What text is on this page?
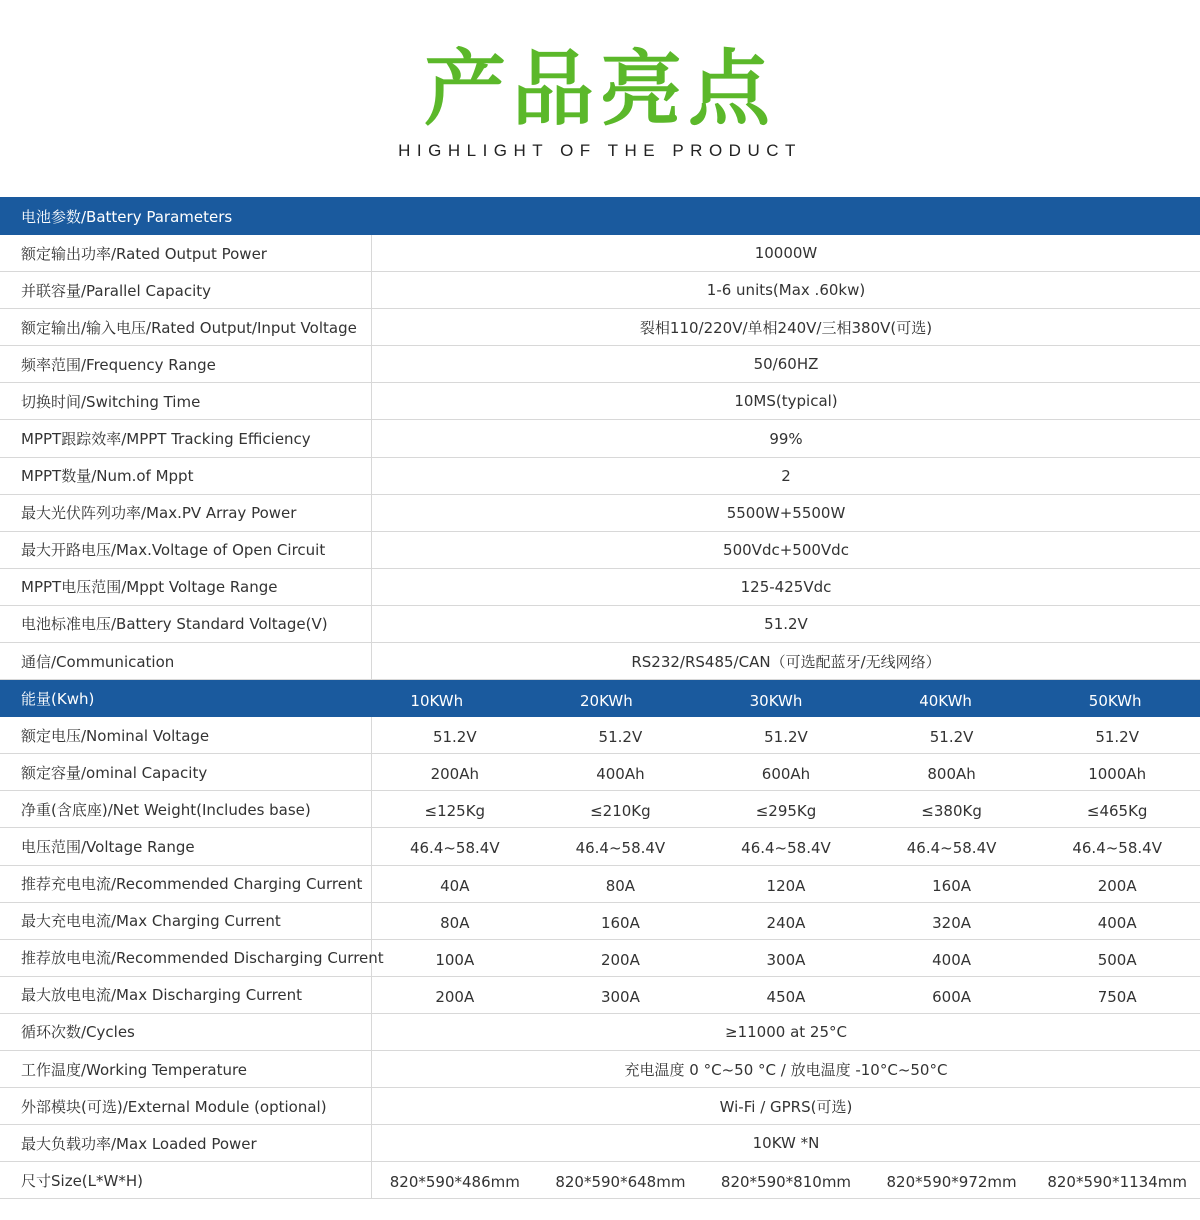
产品亮点
HIGHLIGHT OF THE PRODUCT
电池参数/Battery Parameters
额定输出功率/Rated Output Power	10000W
并联容量/Parallel Capacity	1-6 units(Max .60kw)
额定输出/输入电压/Rated Output/Input Voltage	裂相110/220V/单相240V/三相380V(可选)
频率范围/Frequency Range	50/60HZ
切换时间/Switching Time	10MS(typical)
MPPT跟踪效率/MPPT Tracking Efficiency	99%
MPPT数量/Num.of Mppt	2
最大光伏阵列功率/Max.PV Array Power	5500W+5500W
最大开路电压/Max.Voltage of Open Circuit	500Vdc+500Vdc
MPPT电压范围/Mppt Voltage Range	125-425Vdc
电池标准电压/Battery Standard Voltage(V)	51.2V
通信/Communication	RS232/RS485/CAN（可选配蓝牙/无线网络）
能量(Kwh)	10KWh	20KWh	30KWh	40KWh	50KWh
额定电压/Nominal Voltage	51.2V	51.2V	51.2V	51.2V	51.2V
额定容量/ominal Capacity	200Ah	400Ah	600Ah	800Ah	1000Ah
净重(含底座)/Net Weight(Includes base)	≤125Kg	≤210Kg	≤295Kg	≤380Kg	≤465Kg
电压范围/Voltage Range	46.4~58.4V	46.4~58.4V	46.4~58.4V	46.4~58.4V	46.4~58.4V
推荐充电电流/Recommended Charging Current	40A	80A	120A	160A	200A
最大充电电流/Max Charging Current	80A	160A	240A	320A	400A
推荐放电电流/Recommended Discharging Current	100A	200A	300A	400A	500A
最大放电电流/Max Discharging Current	200A	300A	450A	600A	750A
循环次数/Cycles	≥11000 at 25°C
工作温度/Working Temperature	充电温度 0 °C~50 °C / 放电温度 -10°C~50°C
外部模块(可选)/External Module (optional)	Wi-Fi / GPRS(可选)
最大负载功率/Max Loaded Power	10KW *N
尺寸Size(L*W*H)	820*590*486mm	820*590*648mm	820*590*810mm	820*590*972mm	820*590*1134mm
